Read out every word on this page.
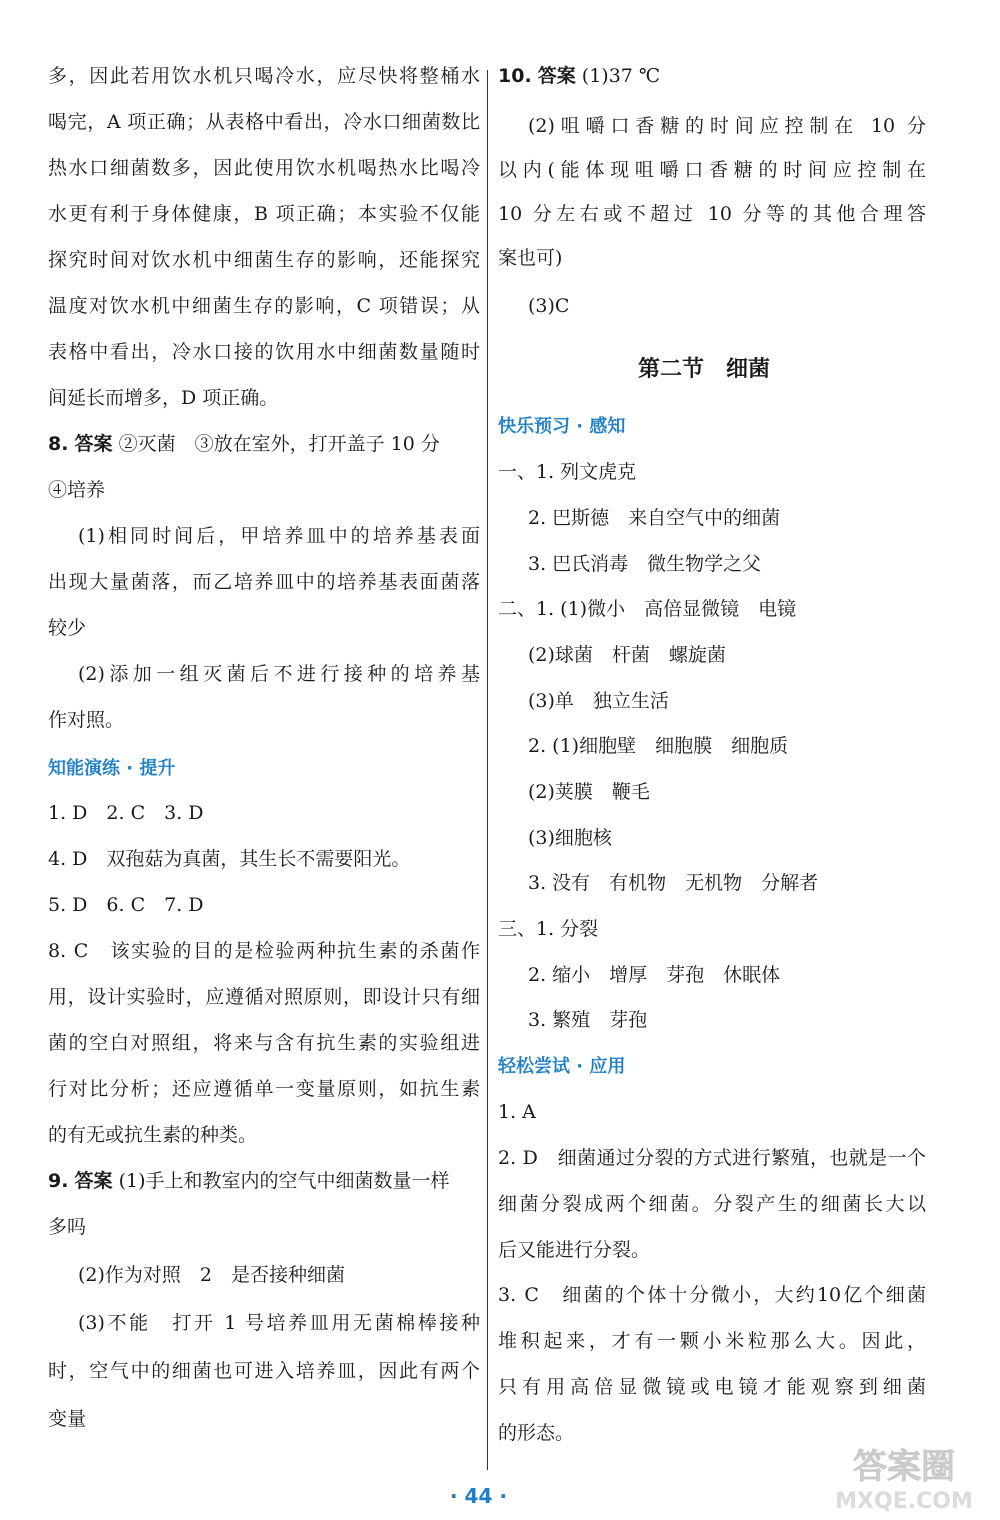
多，因此若用饮水机只喝冷水，应尽快将整桶水
喝完，A 项正确；从表格中看出，冷水口细菌数比
热水口细菌数多，因此使用饮水机喝热水比喝冷
水更有利于身体健康，B 项正确；本实验不仅能
探究时间对饮水机中细菌生存的影响，还能探究
温度对饮水机中细菌生存的影响，C 项错误；从
表格中看出，冷水口接的饮用水中细菌数量随时
间延长而增多，D 项正确。
8. 答案 ②灭菌　③放在室外，打开盖子 10 分
④培养
(1)相同时间后，甲培养皿中的培养基表面
出现大量菌落，而乙培养皿中的培养基表面菌落
较少
(2)添加一组灭菌后不进行接种的培养基
作对照。
知能演练 · 提升
1. D　2. C　3. D
4. D　双孢菇为真菌，其生长不需要阳光。
5. D　6. C　7. D
8. C　该实验的目的是检验两种抗生素的杀菌作
用，设计实验时，应遵循对照原则，即设计只有细
菌的空白对照组，将来与含有抗生素的实验组进
行对比分析；还应遵循单一变量原则，如抗生素
的有无或抗生素的种类。
9. 答案 (1)手上和教室内的空气中细菌数量一样
多吗
(2)作为对照　2　是否接种细菌
(3)不能　打开 1 号培养皿用无菌棉棒接种
时，空气中的细菌也可进入培养皿，因此有两个
变量
10. 答案 (1)37 ℃
(2)咀嚼口香糖的时间应控制在 10 分
以内(能体现咀嚼口香糖的时间应控制在
10 分左右或不超过 10 分等的其他合理答
案也可)
(3)C
第二节　细菌
快乐预习 · 感知
一、1. 列文虎克
2. 巴斯德　来自空气中的细菌
3. 巴氏消毒　微生物学之父
二、1. (1)微小　高倍显微镜　电镜
(2)球菌　杆菌　螺旋菌
(3)单　独立生活
2. (1)细胞壁　细胞膜　细胞质
(2)荚膜　鞭毛
(3)细胞核
3. 没有　有机物　无机物　分解者
三、1. 分裂
2. 缩小　增厚　芽孢　休眠体
3. 繁殖　芽孢
轻松尝试 · 应用
1. A
2. D　细菌通过分裂的方式进行繁殖，也就是一个
细菌分裂成两个细菌。分裂产生的细菌长大以
后又能进行分裂。
3. C　细菌的个体十分微小，大约10亿个细菌
堆积起来，才有一颗小米粒那么大。因此，
只有用高倍显微镜或电镜才能观察到细菌
的形态。
· 44 ·
答案圈
MXQE.COM
